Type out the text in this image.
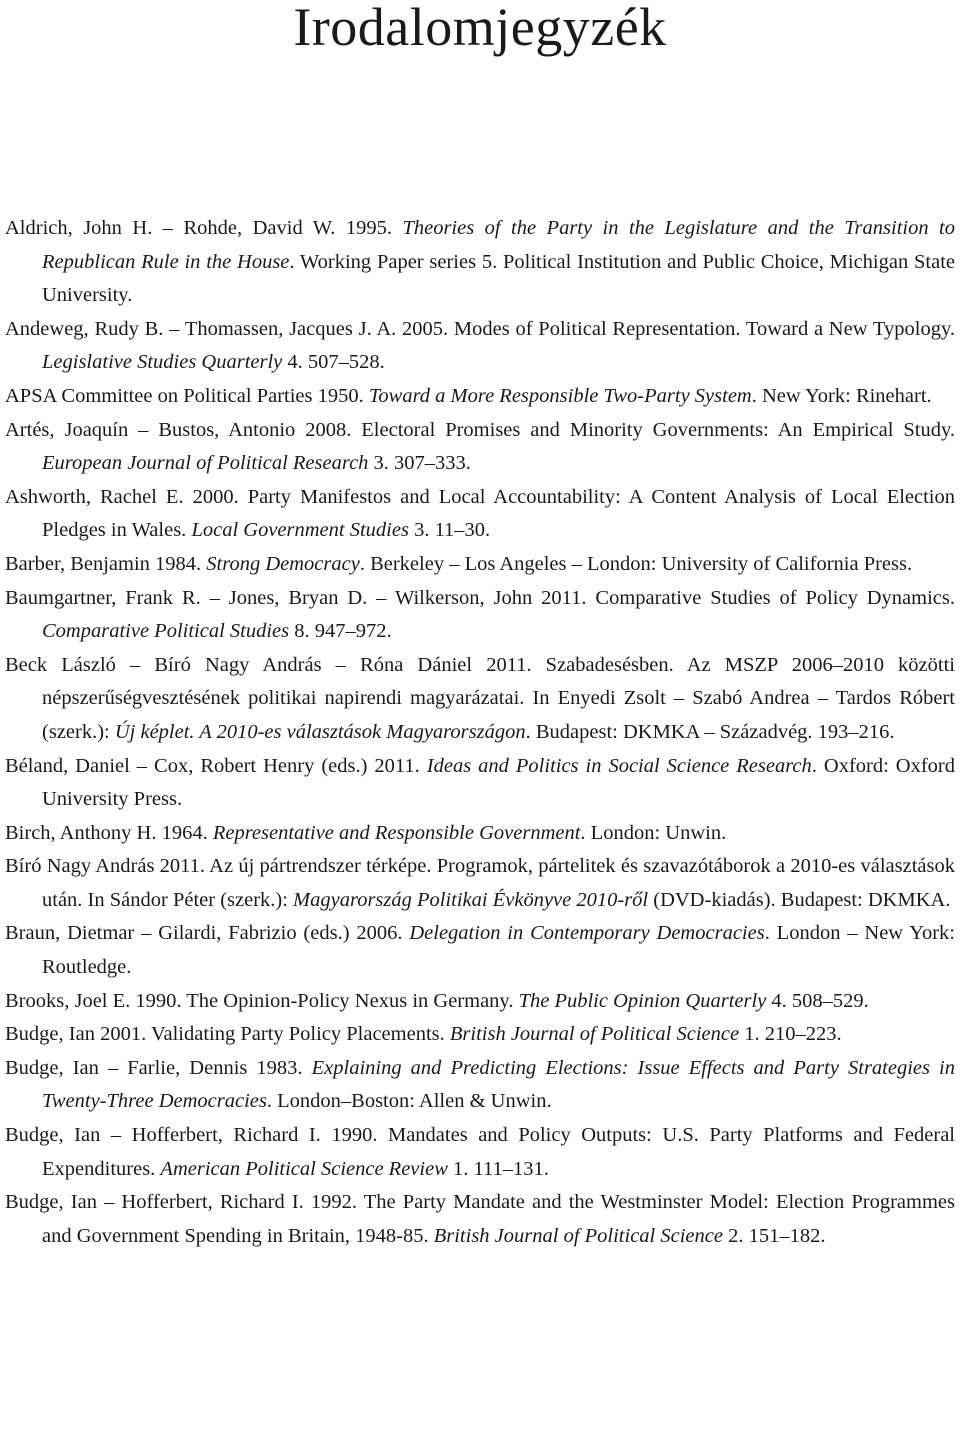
Irodalomjegyzék
Aldrich, John H. – Rohde, David W. 1995. Theories of the Party in the Legislature and the Transition to Republican Rule in the House. Working Paper series 5. Political Institution and Public Choice, Michigan State University.
Andeweg, Rudy B. – Thomassen, Jacques J. A. 2005. Modes of Political Representation. Toward a New Typology. Legislative Studies Quarterly 4. 507–528.
APSA Committee on Political Parties 1950. Toward a More Responsible Two-Party System. New York: Rinehart.
Artés, Joaquín – Bustos, Antonio 2008. Electoral Promises and Minority Governments: An Empirical Study. European Journal of Political Research 3. 307–333.
Ashworth, Rachel E. 2000. Party Manifestos and Local Accountability: A Content Analysis of Local Election Pledges in Wales. Local Government Studies 3. 11–30.
Barber, Benjamin 1984. Strong Democracy. Berkeley – Los Angeles – London: University of California Press.
Baumgartner, Frank R. – Jones, Bryan D. – Wilkerson, John 2011. Comparative Studies of Policy Dynamics. Comparative Political Studies 8. 947–972.
Beck László – Bíró Nagy András – Róna Dániel 2011. Szabadesésben. Az MSZP 2006–2010 közötti népszerűségvesztésének politikai napirendi magyarázatai. In Enyedi Zsolt – Szabó Andrea – Tardos Róbert (szerk.): Új képlet. A 2010-es választások Magyarországon. Budapest: DKMKA – Századvég. 193–216.
Béland, Daniel – Cox, Robert Henry (eds.) 2011. Ideas and Politics in Social Science Research. Oxford: Oxford University Press.
Birch, Anthony H. 1964. Representative and Responsible Government. London: Unwin.
Bíró Nagy András 2011. Az új pártrendszer térképe. Programok, pártelitek és szavazótáborok a 2010-es választások után. In Sándor Péter (szerk.): Magyarország Politikai Évkönyve 2010-ről (DVD-kiadás). Budapest: DKMKA.
Braun, Dietmar – Gilardi, Fabrizio (eds.) 2006. Delegation in Contemporary Democracies. London – New York: Routledge.
Brooks, Joel E. 1990. The Opinion-Policy Nexus in Germany. The Public Opinion Quarterly 4. 508–529.
Budge, Ian 2001. Validating Party Policy Placements. British Journal of Political Science 1. 210–223.
Budge, Ian – Farlie, Dennis 1983. Explaining and Predicting Elections: Issue Effects and Party Strategies in Twenty-Three Democracies. London–Boston: Allen & Unwin.
Budge, Ian – Hofferbert, Richard I. 1990. Mandates and Policy Outputs: U.S. Party Platforms and Federal Expenditures. American Political Science Review 1. 111–131.
Budge, Ian – Hofferbert, Richard I. 1992. The Party Mandate and the Westminster Model: Election Programmes and Government Spending in Britain, 1948-85. British Journal of Political Science 2. 151–182.
